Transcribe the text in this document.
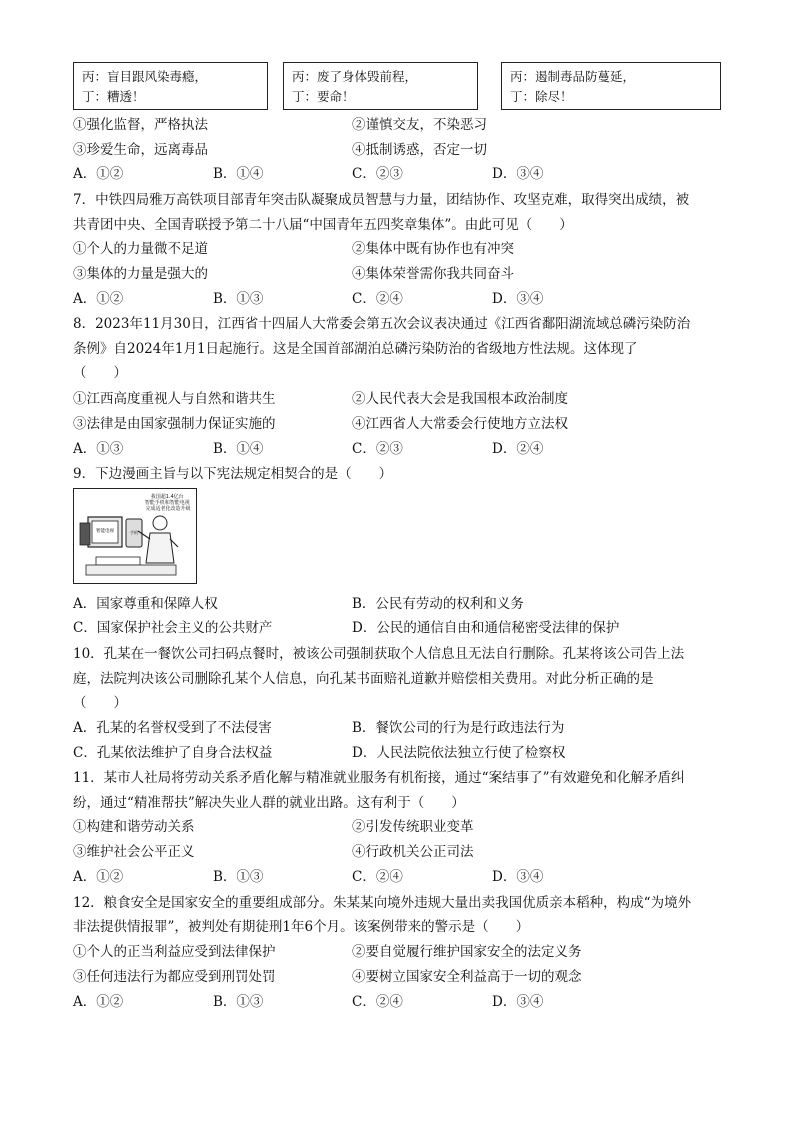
丙：盲目跟风染毒瘾，
丁：糟透！
丙：废了身体毁前程，
丁：要命！
丙：遏制毒品防蔓延，
丁：除尽！
①强化监督，严格执法	②谨慎交友，不染恶习
③珍爱生命，远离毒品	④抵制诱惑，否定一切
A．①②	B．①④	C．②③	D．③④
7．中铁四局雅万高铁项目部青年突击队凝聚成员智慧与力量，团结协作、攻坚克难，取得突出成绩，被
共青团中央、全国青联授予第二十八届“中国青年五四奖章集体”。由此可见（　　）
①个人的力量微不足道	②集体中既有协作也有冲突
③集体的力量是强大的	④集体荣誉需你我共同奋斗
A．①②	B．①③	C．②④	D．③④
8．2023年11月30日，江西省十四届人大常委会第五次会议表决通过《江西省鄱阳湖流域总磷污染防治
条例》自2024年1月1日起施行。这是全国首部湖泊总磷污染防治的省级地方性法规。这体现了
（　　）
①江西高度重视人与自然和谐共生	②人民代表大会是我国根本政治制度
③法律是由国家强制力保证实施的	④江西省人大常委会行使地方立法权
A．①③	B．①④	C．②③	D．②④
9．下边漫画主旨与以下宪法规定相契合的是（　　）
我国超1.4亿台 智能手机和智能电视 完成适老化改造升级
智能电视	手机
A．国家尊重和保障人权	B．公民有劳动的权利和义务
C．国家保护社会主义的公共财产	D．公民的通信自由和通信秘密受法律的保护
10．孔某在一餐饮公司扫码点餐时，被该公司强制获取个人信息且无法自行删除。孔某将该公司告上法
庭，法院判决该公司删除孔某个人信息，向孔某书面赔礼道歉并赔偿相关费用。对此分析正确的是
（　　）
A．孔某的名誉权受到了不法侵害	B．餐饮公司的行为是行政违法行为
C．孔某依法维护了自身合法权益	D．人民法院依法独立行使了检察权
11．某市人社局将劳动关系矛盾化解与精准就业服务有机衔接，通过“案结事了”有效避免和化解矛盾纠
纷，通过“精准帮扶”解决失业人群的就业出路。这有利于（　　）
①构建和谐劳动关系	②引发传统职业变革
③维护社会公平正义	④行政机关公正司法
A．①②	B．①③	C．②④	D．③④
12．粮食安全是国家安全的重要组成部分。朱某某向境外违规大量出卖我国优质亲本稻种，构成“为境外
非法提供情报罪”，被判处有期徒刑1年6个月。该案例带来的警示是（　　）
①个人的正当利益应受到法律保护	②要自觉履行维护国家安全的法定义务
③任何违法行为都应受到刑罚处罚	④要树立国家安全利益高于一切的观念
A．①②	B．①③	C．②④	D．③④
